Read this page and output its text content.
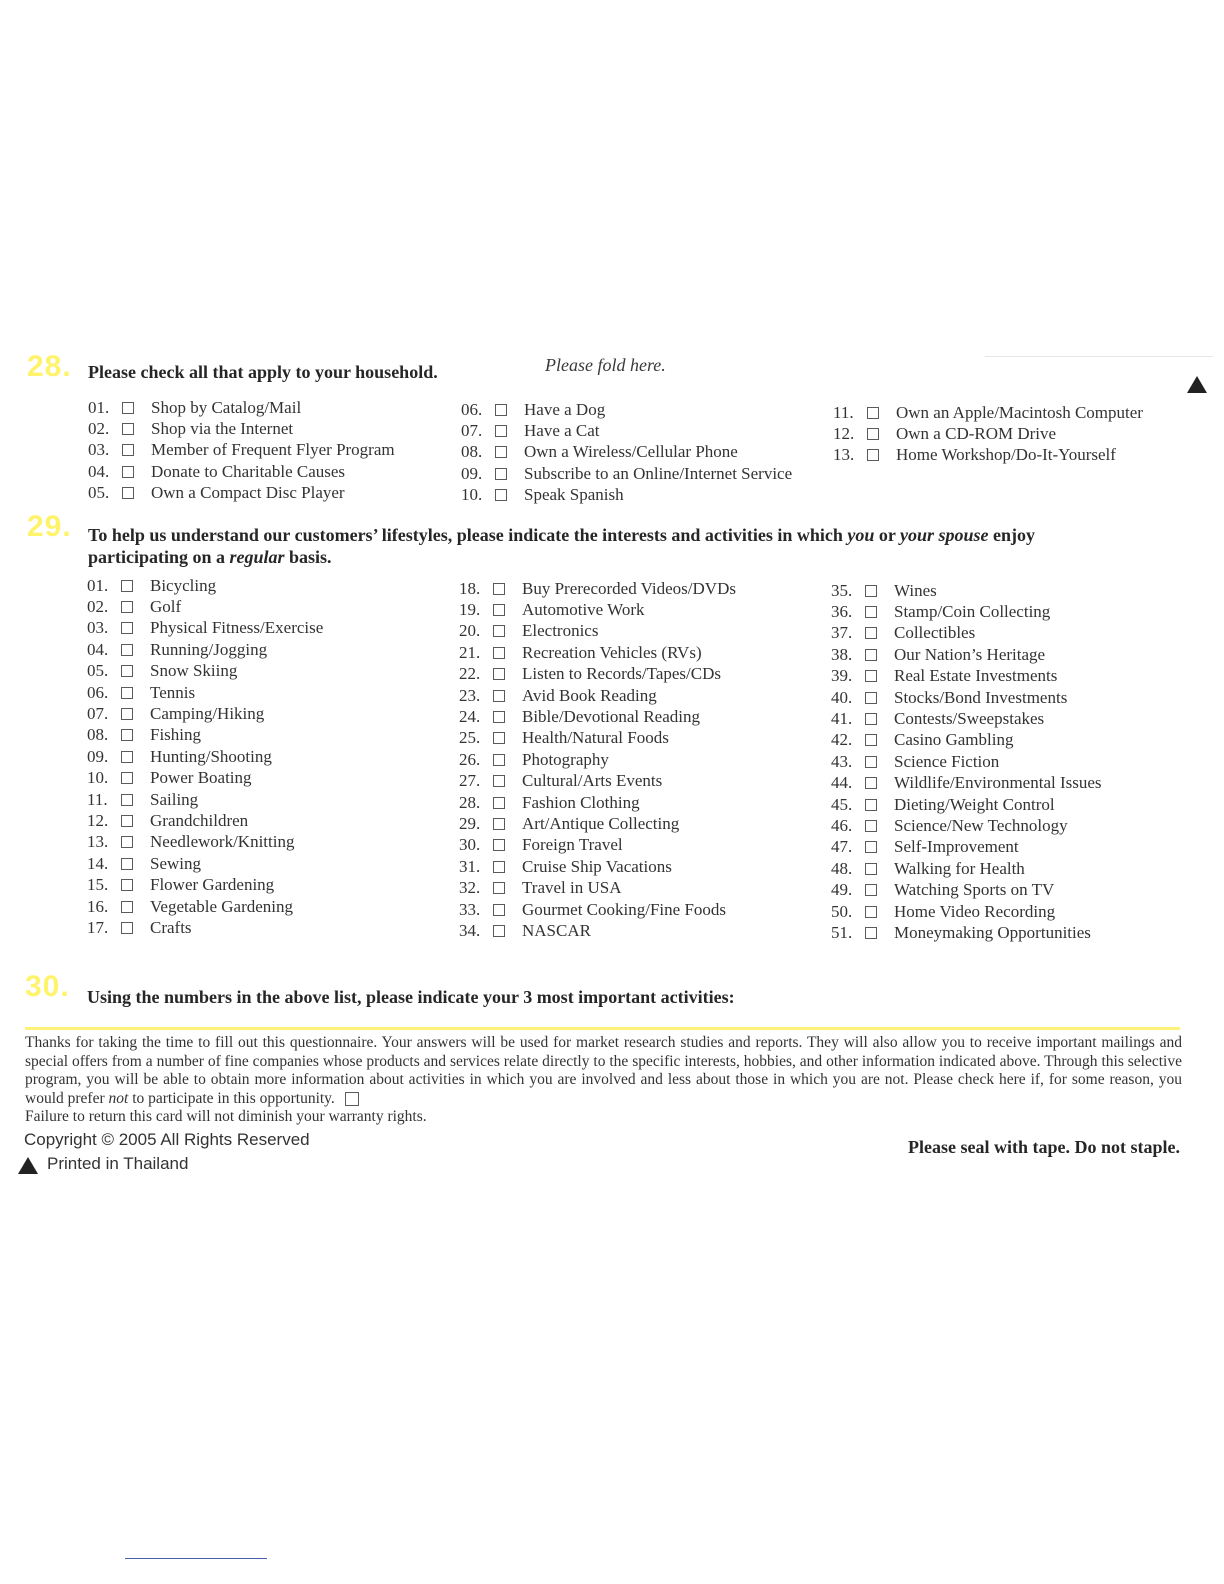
28. Please check all that apply to your household.	Please fold here.
01.	Shop by Catalog/Mail
02.	Shop via the Internet
03.	Member of Frequent Flyer Program
04.	Donate to Charitable Causes
05.	Own a Compact Disc Player
06.	Have a Dog
07.	Have a Cat
08.	Own a Wireless/Cellular Phone
09.	Subscribe to an Online/Internet Service
10.	Speak Spanish
11.	Own an Apple/Macintosh Computer
12.	Own a CD-ROM Drive
13.	Home Workshop/Do-It-Yourself
29. To help us understand our customers’ lifestyles, please indicate the interests and activities in which you or your spouse enjoy participating on a regular basis.
01.	Bicycling
02.	Golf
03.	Physical Fitness/Exercise
04.	Running/Jogging
05.	Snow Skiing
06.	Tennis
07.	Camping/Hiking
08.	Fishing
09.	Hunting/Shooting
10.	Power Boating
11.	Sailing
12.	Grandchildren
13.	Needlework/Knitting
14.	Sewing
15.	Flower Gardening
16.	Vegetable Gardening
17.	Crafts
18.	Buy Prerecorded Videos/DVDs
19.	Automotive Work
20.	Electronics
21.	Recreation Vehicles (RVs)
22.	Listen to Records/Tapes/CDs
23.	Avid Book Reading
24.	Bible/Devotional Reading
25.	Health/Natural Foods
26.	Photography
27.	Cultural/Arts Events
28.	Fashion Clothing
29.	Art/Antique Collecting
30.	Foreign Travel
31.	Cruise Ship Vacations
32.	Travel in USA
33.	Gourmet Cooking/Fine Foods
34.	NASCAR
35.	Wines
36.	Stamp/Coin Collecting
37.	Collectibles
38.	Our Nation’s Heritage
39.	Real Estate Investments
40.	Stocks/Bond Investments
41.	Contests/Sweepstakes
42.	Casino Gambling
43.	Science Fiction
44.	Wildlife/Environmental Issues
45.	Dieting/Weight Control
46.	Science/New Technology
47.	Self-Improvement
48.	Walking for Health
49.	Watching Sports on TV
50.	Home Video Recording
51.	Moneymaking Opportunities
30. Using the numbers in the above list, please indicate your 3 most important activities:
Thanks for taking the time to fill out this questionnaire. Your answers will be used for market research studies and reports. They will also allow you to receive important mailings and special offers from a number of fine companies whose products and services relate directly to the specific interests, hobbies, and other information indicated above. Through this selective program, you will be able to obtain more information about activities in which you are involved and less about those in which you are not. Please check here if, for some reason, you would prefer not to participate in this opportunity.
Failure to return this card will not diminish your warranty rights.
Copyright © 2005 All Rights Reserved
Printed in Thailand
Please seal with tape. Do not staple.
